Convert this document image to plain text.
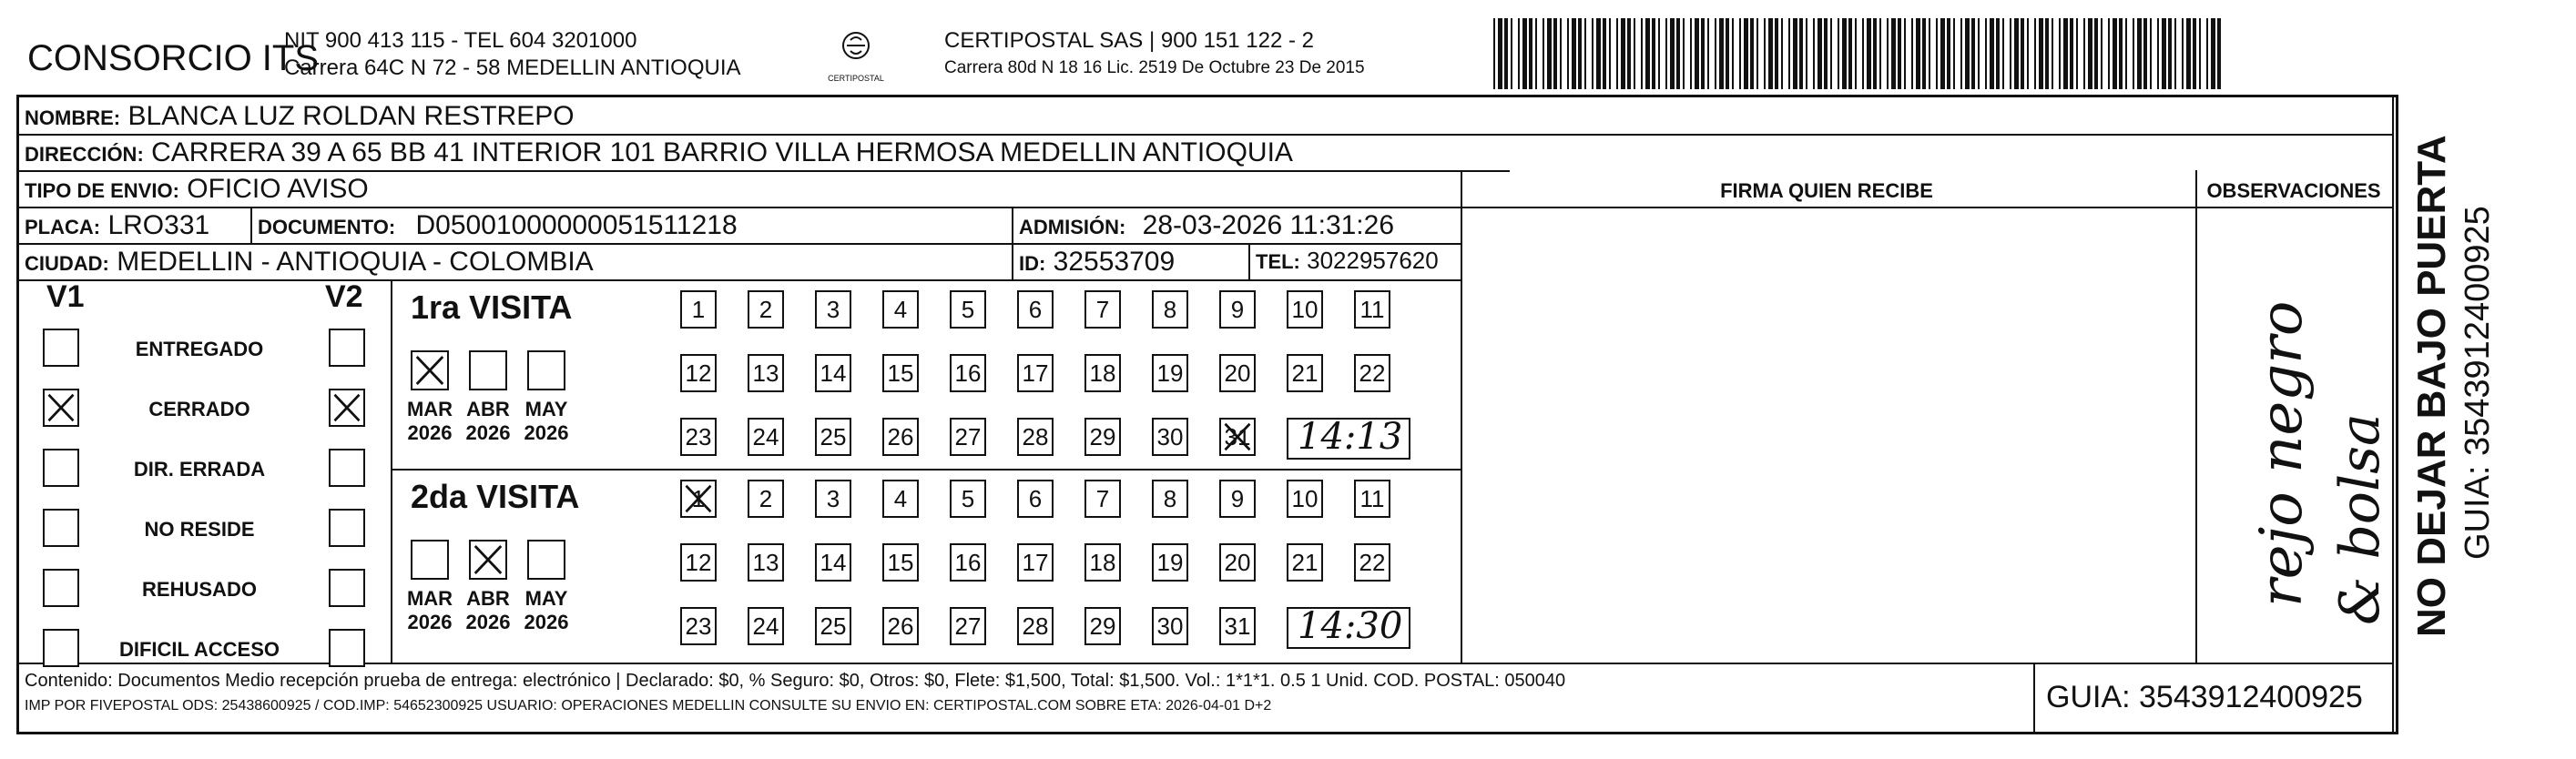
CONSORCIO ITS
NIT 900 413 115 - TEL 604 3201000
Carrera 64C N 72 - 58 MEDELLIN ANTIOQUIA	CERTIPOSTAL
CERTIPOSTAL SAS | 900 151 122 - 2
Carrera 80d N 18 16 Lic. 2519 De Octubre 23 De 2015
NOMBRE: BLANCA LUZ ROLDAN RESTREPO
DIRECCIÓN: CARRERA 39 A 65 BB 41 INTERIOR 101 BARRIO VILLA HERMOSA MEDELLIN ANTIOQUIA
TIPO DE ENVIO: OFICIO AVISO	FIRMA QUIEN RECIBE	OBSERVACIONES
PLACA: LRO331 DOCUMENTO: D05001000000051511218	ADMISIÓN: 28-03-2026 11:31:26
CIUDAD: MEDELLIN - ANTIOQUIA - COLOMBIA	ID: 32553709	TEL: 3022957620
V1	V2
ENTREGADO
CERRADO
DIR. ERRADA
NO RESIDE
REHUSADO
DIFICIL ACCESO
1ra VISITA
MAR
2026
ABR
2026
MAY
2026
1	2	3	4	5	6	7	8	9	10 11
12 13 14 15 16 17 18 19 20 21 22
23 24 25 26 27 28 29 30 31 14:13
2da VISITA
MAR
2026
ABR
2026
MAY
2026
1	2	3	4	5	6	7	8	9	10 11
12 13 14 15 16 17 18 19 20 21 22
23 24 25 26 27 28 29 30 31 14:30
rejo negro & bolsa
Contenido: Documentos Medio recepción prueba de entrega: electrónico | Declarado: $0, % Seguro: $0, Otros: $0, Flete: $1,500, Total: $1,500. Vol.: 1*1*1. 0.5 1 Unid. COD. POSTAL: 050040
IMP POR FIVEPOSTAL ODS: 25438600925 / COD.IMP: 54652300925 USUARIO: OPERACIONES MEDELLIN CONSULTE SU ENVIO EN: CERTIPOSTAL.COM SOBRE ETA: 2026-04-01 D+2	GUIA: 3543912400925
NO DEJAR BAJO PUERTA GUIA: 3543912400925
